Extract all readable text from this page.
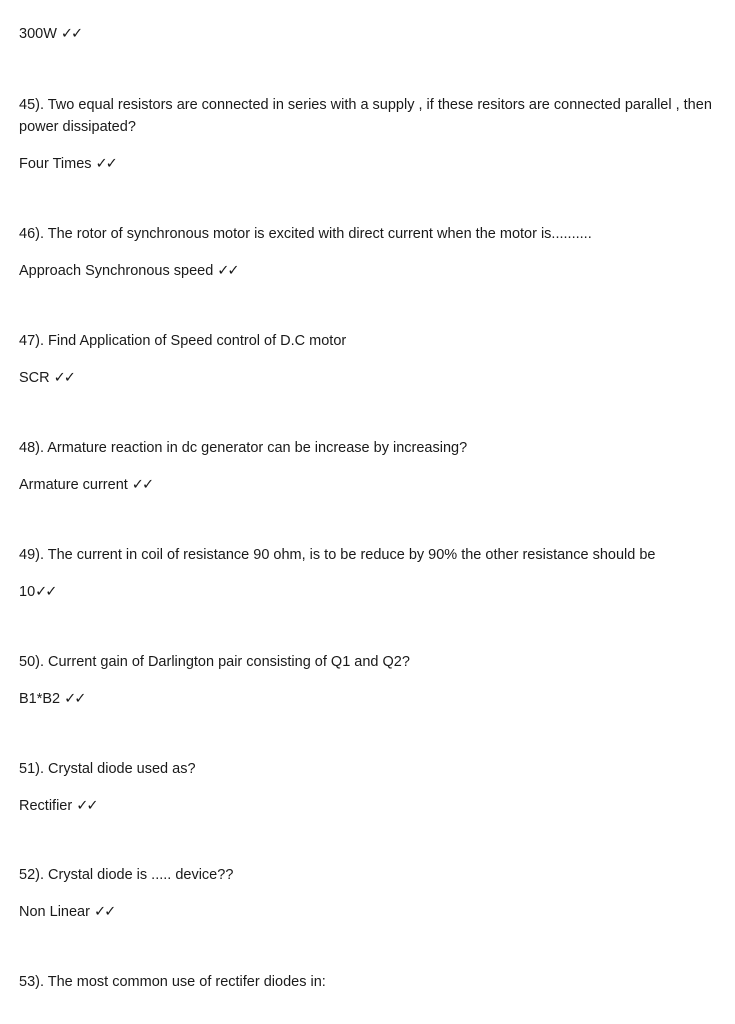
300W ✓✓
45). Two equal resistors are connected in series with a supply , if these resitors are connected parallel , then power dissipated?
Four Times ✓✓
46). The rotor of synchronous motor is excited with direct current when the motor is..........
Approach Synchronous speed ✓✓
47). Find Application of Speed control of D.C motor
SCR ✓✓
48). Armature reaction in dc generator can be increase by increasing?
Armature current ✓✓
49). The current in coil of resistance 90 ohm, is to be reduce by 90% the other resistance should be
10✓✓
50). Current gain of Darlington pair consisting of Q1 and Q2?
B1*B2 ✓✓
51). Crystal diode used as?
Rectifier ✓✓
52). Crystal diode is ..... device??
Non Linear ✓✓
53). The most common use of rectifer diodes in:
